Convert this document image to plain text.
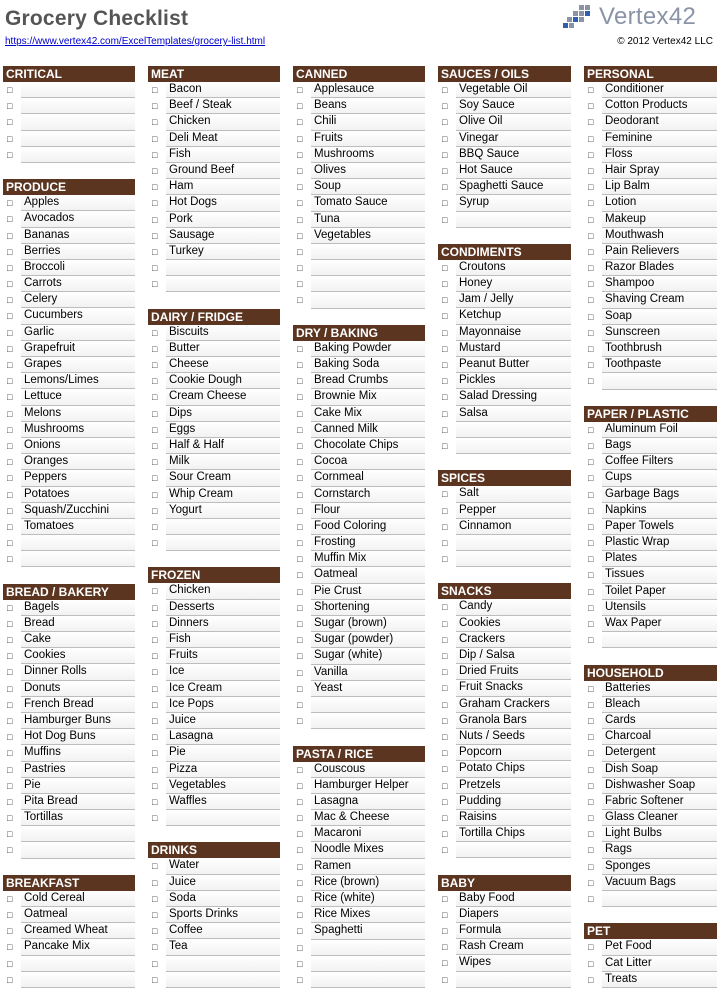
Grocery Checklist
https://www.vertex42.com/ExcelTemplates/grocery-list.html	© 2012 Vertex42 LLC
Vertex42
CRITICAL
□
□
□
□
□
PRODUCE
□ Apples
□ Avocados
□ Bananas
□ Berries
□ Broccoli
□ Carrots
□ Celery
□ Cucumbers
□ Garlic
□ Grapefruit
□ Grapes
□ Lemons/Limes
□ Lettuce
□ Melons
□ Mushrooms
□ Onions
□ Oranges
□ Peppers
□ Potatoes
□ Squash/Zucchini
□ Tomatoes
□
□
BREAD / BAKERY
□ Bagels
□ Bread
□ Cake
□ Cookies
□ Dinner Rolls
□ Donuts
□ French Bread
□ Hamburger Buns
□ Hot Dog Buns
□ Muffins
□ Pastries
□ Pie
□ Pita Bread
□ Tortillas
□
□
BREAKFAST
□ Cold Cereal
□ Oatmeal
□ Creamed Wheat
□ Pancake Mix
□
□
MEAT
□ Bacon
□ Beef / Steak
□ Chicken
□ Deli Meat
□ Fish
□ Ground Beef
□ Ham
□ Hot Dogs
□ Pork
□ Sausage
□ Turkey
□
□
DAIRY / FRIDGE
□ Biscuits
□ Butter
□ Cheese
□ Cookie Dough
□ Cream Cheese
□ Dips
□ Eggs
□ Half & Half
□ Milk
□ Sour Cream
□ Whip Cream
□ Yogurt
□
□
FROZEN
□ Chicken
□ Desserts
□ Dinners
□ Fish
□ Fruits
□ Ice
□ Ice Cream
□ Ice Pops
□ Juice
□ Lasagna
□ Pie
□ Pizza
□ Vegetables
□ Waffles
□
DRINKS
□ Water
□ Juice
□ Soda
□ Sports Drinks
□ Coffee
□ Tea
□
□
CANNED
□ Applesauce
□ Beans
□ Chili
□ Fruits
□ Mushrooms
□ Olives
□ Soup
□ Tomato Sauce
□ Tuna
□ Vegetables
□
□
□
□
DRY / BAKING
□ Baking Powder
□ Baking Soda
□ Bread Crumbs
□ Brownie Mix
□ Cake Mix
□ Canned Milk
□ Chocolate Chips
□ Cocoa
□ Cornmeal
□ Cornstarch
□ Flour
□ Food Coloring
□ Frosting
□ Muffin Mix
□ Oatmeal
□ Pie Crust
□ Shortening
□ Sugar (brown)
□ Sugar (powder)
□ Sugar (white)
□ Vanilla
□ Yeast
□
□
PASTA / RICE
□ Couscous
□ Hamburger Helper
□ Lasagna
□ Mac & Cheese
□ Macaroni
□ Noodle Mixes
□ Ramen
□ Rice (brown)
□ Rice (white)
□ Rice Mixes
□ Spaghetti
□
□
□
SAUCES / OILS
□ Vegetable Oil
□ Soy Sauce
□ Olive Oil
□ Vinegar
□ BBQ Sauce
□ Hot Sauce
□ Spaghetti Sauce
□ Syrup
□
CONDIMENTS
□ Croutons
□ Honey
□ Jam / Jelly
□ Ketchup
□ Mayonnaise
□ Mustard
□ Peanut Butter
□ Pickles
□ Salad Dressing
□ Salsa
□
□
SPICES
□ Salt
□ Pepper
□ Cinnamon
□
□
SNACKS
□ Candy
□ Cookies
□ Crackers
□ Dip / Salsa
□ Dried Fruits
□ Fruit Snacks
□ Graham Crackers
□ Granola Bars
□ Nuts / Seeds
□ Popcorn
□ Potato Chips
□ Pretzels
□ Pudding
□ Raisins
□ Tortilla Chips
□
BABY
□ Baby Food
□ Diapers
□ Formula
□ Rash Cream
□ Wipes
□
PERSONAL
□ Conditioner
□ Cotton Products
□ Deodorant
□ Feminine
□ Floss
□ Hair Spray
□ Lip Balm
□ Lotion
□ Makeup
□ Mouthwash
□ Pain Relievers
□ Razor Blades
□ Shampoo
□ Shaving Cream
□ Soap
□ Sunscreen
□ Toothbrush
□ Toothpaste
□
PAPER / PLASTIC
□ Aluminum Foil
□ Bags
□ Coffee Filters
□ Cups
□ Garbage Bags
□ Napkins
□ Paper Towels
□ Plastic Wrap
□ Plates
□ Tissues
□ Toilet Paper
□ Utensils
□ Wax Paper
□
HOUSEHOLD
□ Batteries
□ Bleach
□ Cards
□ Charcoal
□ Detergent
□ Dish Soap
□ Dishwasher Soap
□ Fabric Softener
□ Glass Cleaner
□ Light Bulbs
□ Rags
□ Sponges
□ Vacuum Bags
□
PET
□ Pet Food
□ Cat Litter
□ Treats
